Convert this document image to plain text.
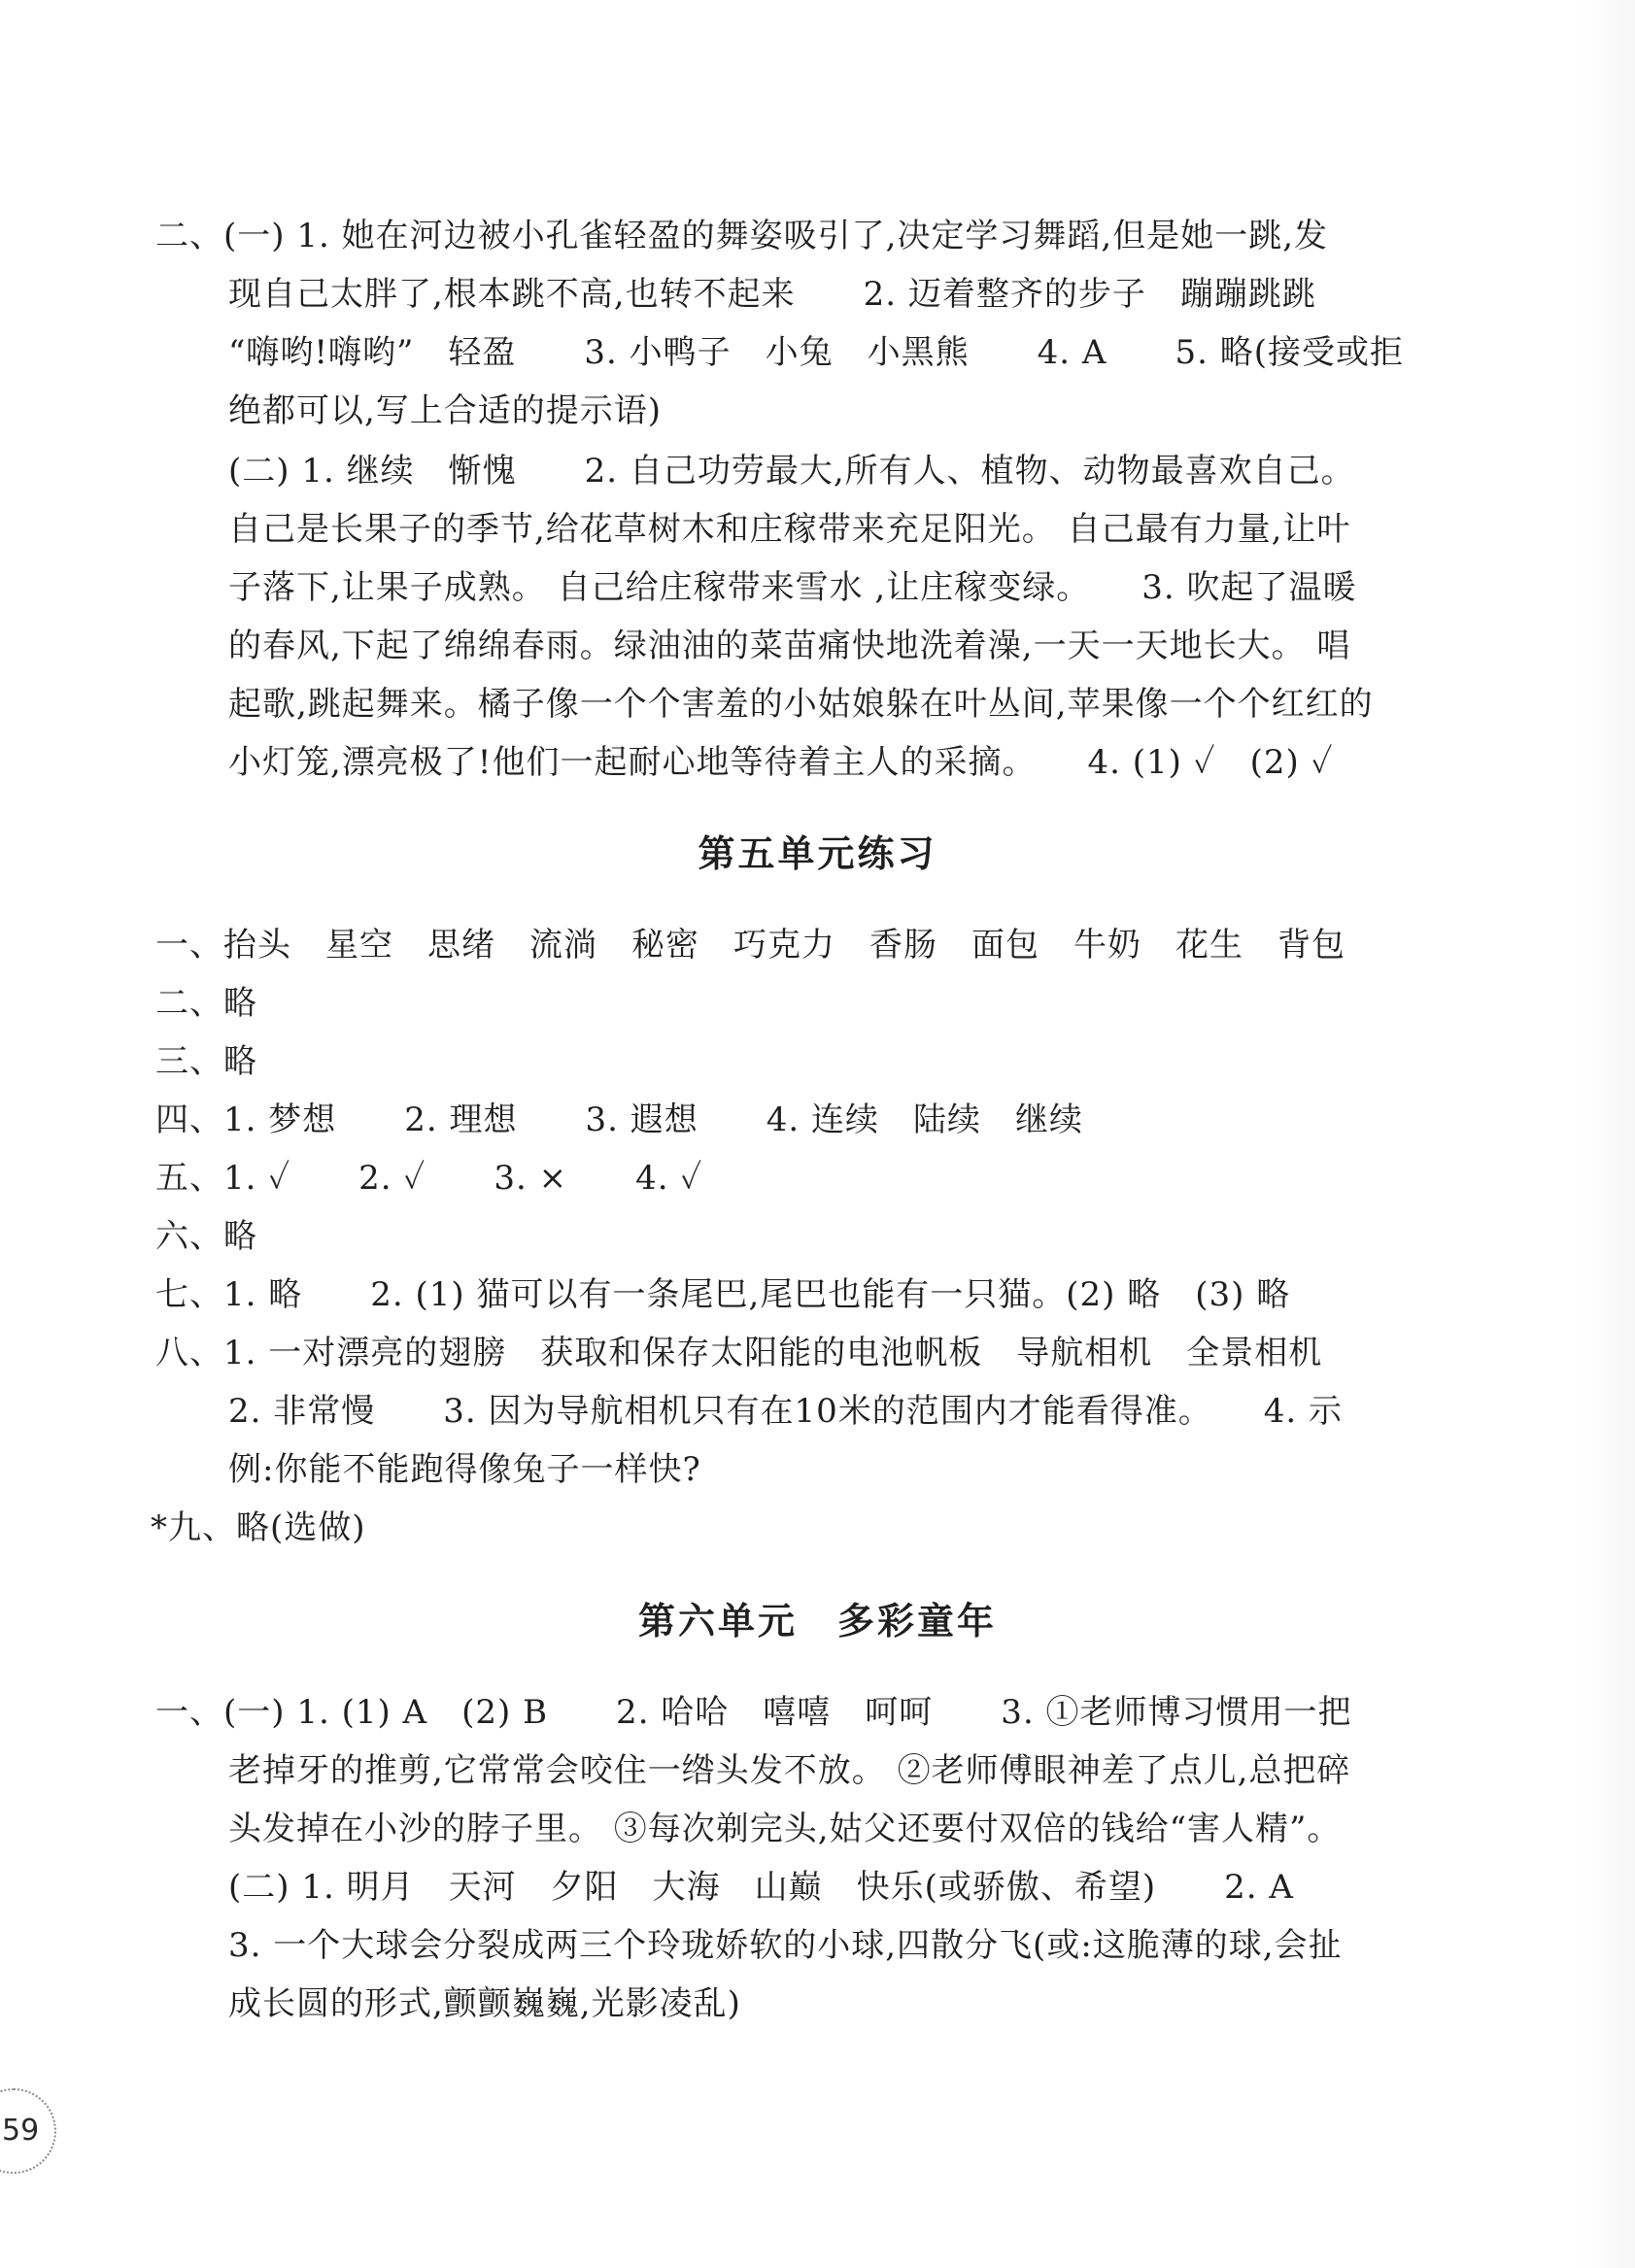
二、(一) 1. 她在河边被小孔雀轻盈的舞姿吸引了,决定学习舞蹈,但是她一跳,发
现自己太胖了,根本跳不高,也转不起来　　2. 迈着整齐的步子　蹦蹦跳跳
“嗨哟!嗨哟”　轻盈　　3. 小鸭子　小兔　小黑熊　　4. A　　5. 略(接受或拒
绝都可以,写上合适的提示语)
(二) 1. 继续　惭愧　　2. 自己功劳最大,所有人、植物、动物最喜欢自己。
自己是长果子的季节,给花草树木和庄稼带来充足阳光。 自己最有力量,让叶
子落下,让果子成熟。 自己给庄稼带来雪水 ,让庄稼变绿。　　3. 吹起了温暖
的春风,下起了绵绵春雨。绿油油的菜苗痛快地洗着澡,一天一天地长大。 唱
起歌,跳起舞来。橘子像一个个害羞的小姑娘躲在叶丛间,苹果像一个个红红的
小灯笼,漂亮极了!他们一起耐心地等待着主人的采摘。　　4. (1) ✓　(2) ✓
第五单元练习
一、抬头　星空　思绪　流淌　秘密　巧克力　香肠　面包　牛奶　花生　背包
二、略
三、略
四、1. 梦想　　2. 理想　　3. 遐想　　4. 连续　陆续　继续
五、1. ✓　　2. ✓　　3. ×　　4. ✓
六、略
七、1. 略　　2. (1) 猫可以有一条尾巴,尾巴也能有一只猫。(2) 略　(3) 略
八、1. 一对漂亮的翅膀　获取和保存太阳能的电池帆板　导航相机　全景相机
2. 非常慢　　3. 因为导航相机只有在10米的范围内才能看得准。　　4. 示
例:你能不能跑得像兔子一样快?
*九、略(选做)
第六单元　多彩童年
一、(一) 1. (1) A　(2) B　　2. 哈哈　嘻嘻　呵呵　　3. ①老师博习惯用一把
老掉牙的推剪,它常常会咬住一绺头发不放。 ②老师傅眼神差了点儿,总把碎
头发掉在小沙的脖子里。 ③每次剃完头,姑父还要付双倍的钱给“害人精”。
(二) 1. 明月　天河　夕阳　大海　山巅　快乐(或骄傲、希望)　　2. A
3. 一个大球会分裂成两三个玲珑娇软的小球,四散分飞(或:这脆薄的球,会扯
成长圆的形式,颤颤巍巍,光影凌乱)
59
